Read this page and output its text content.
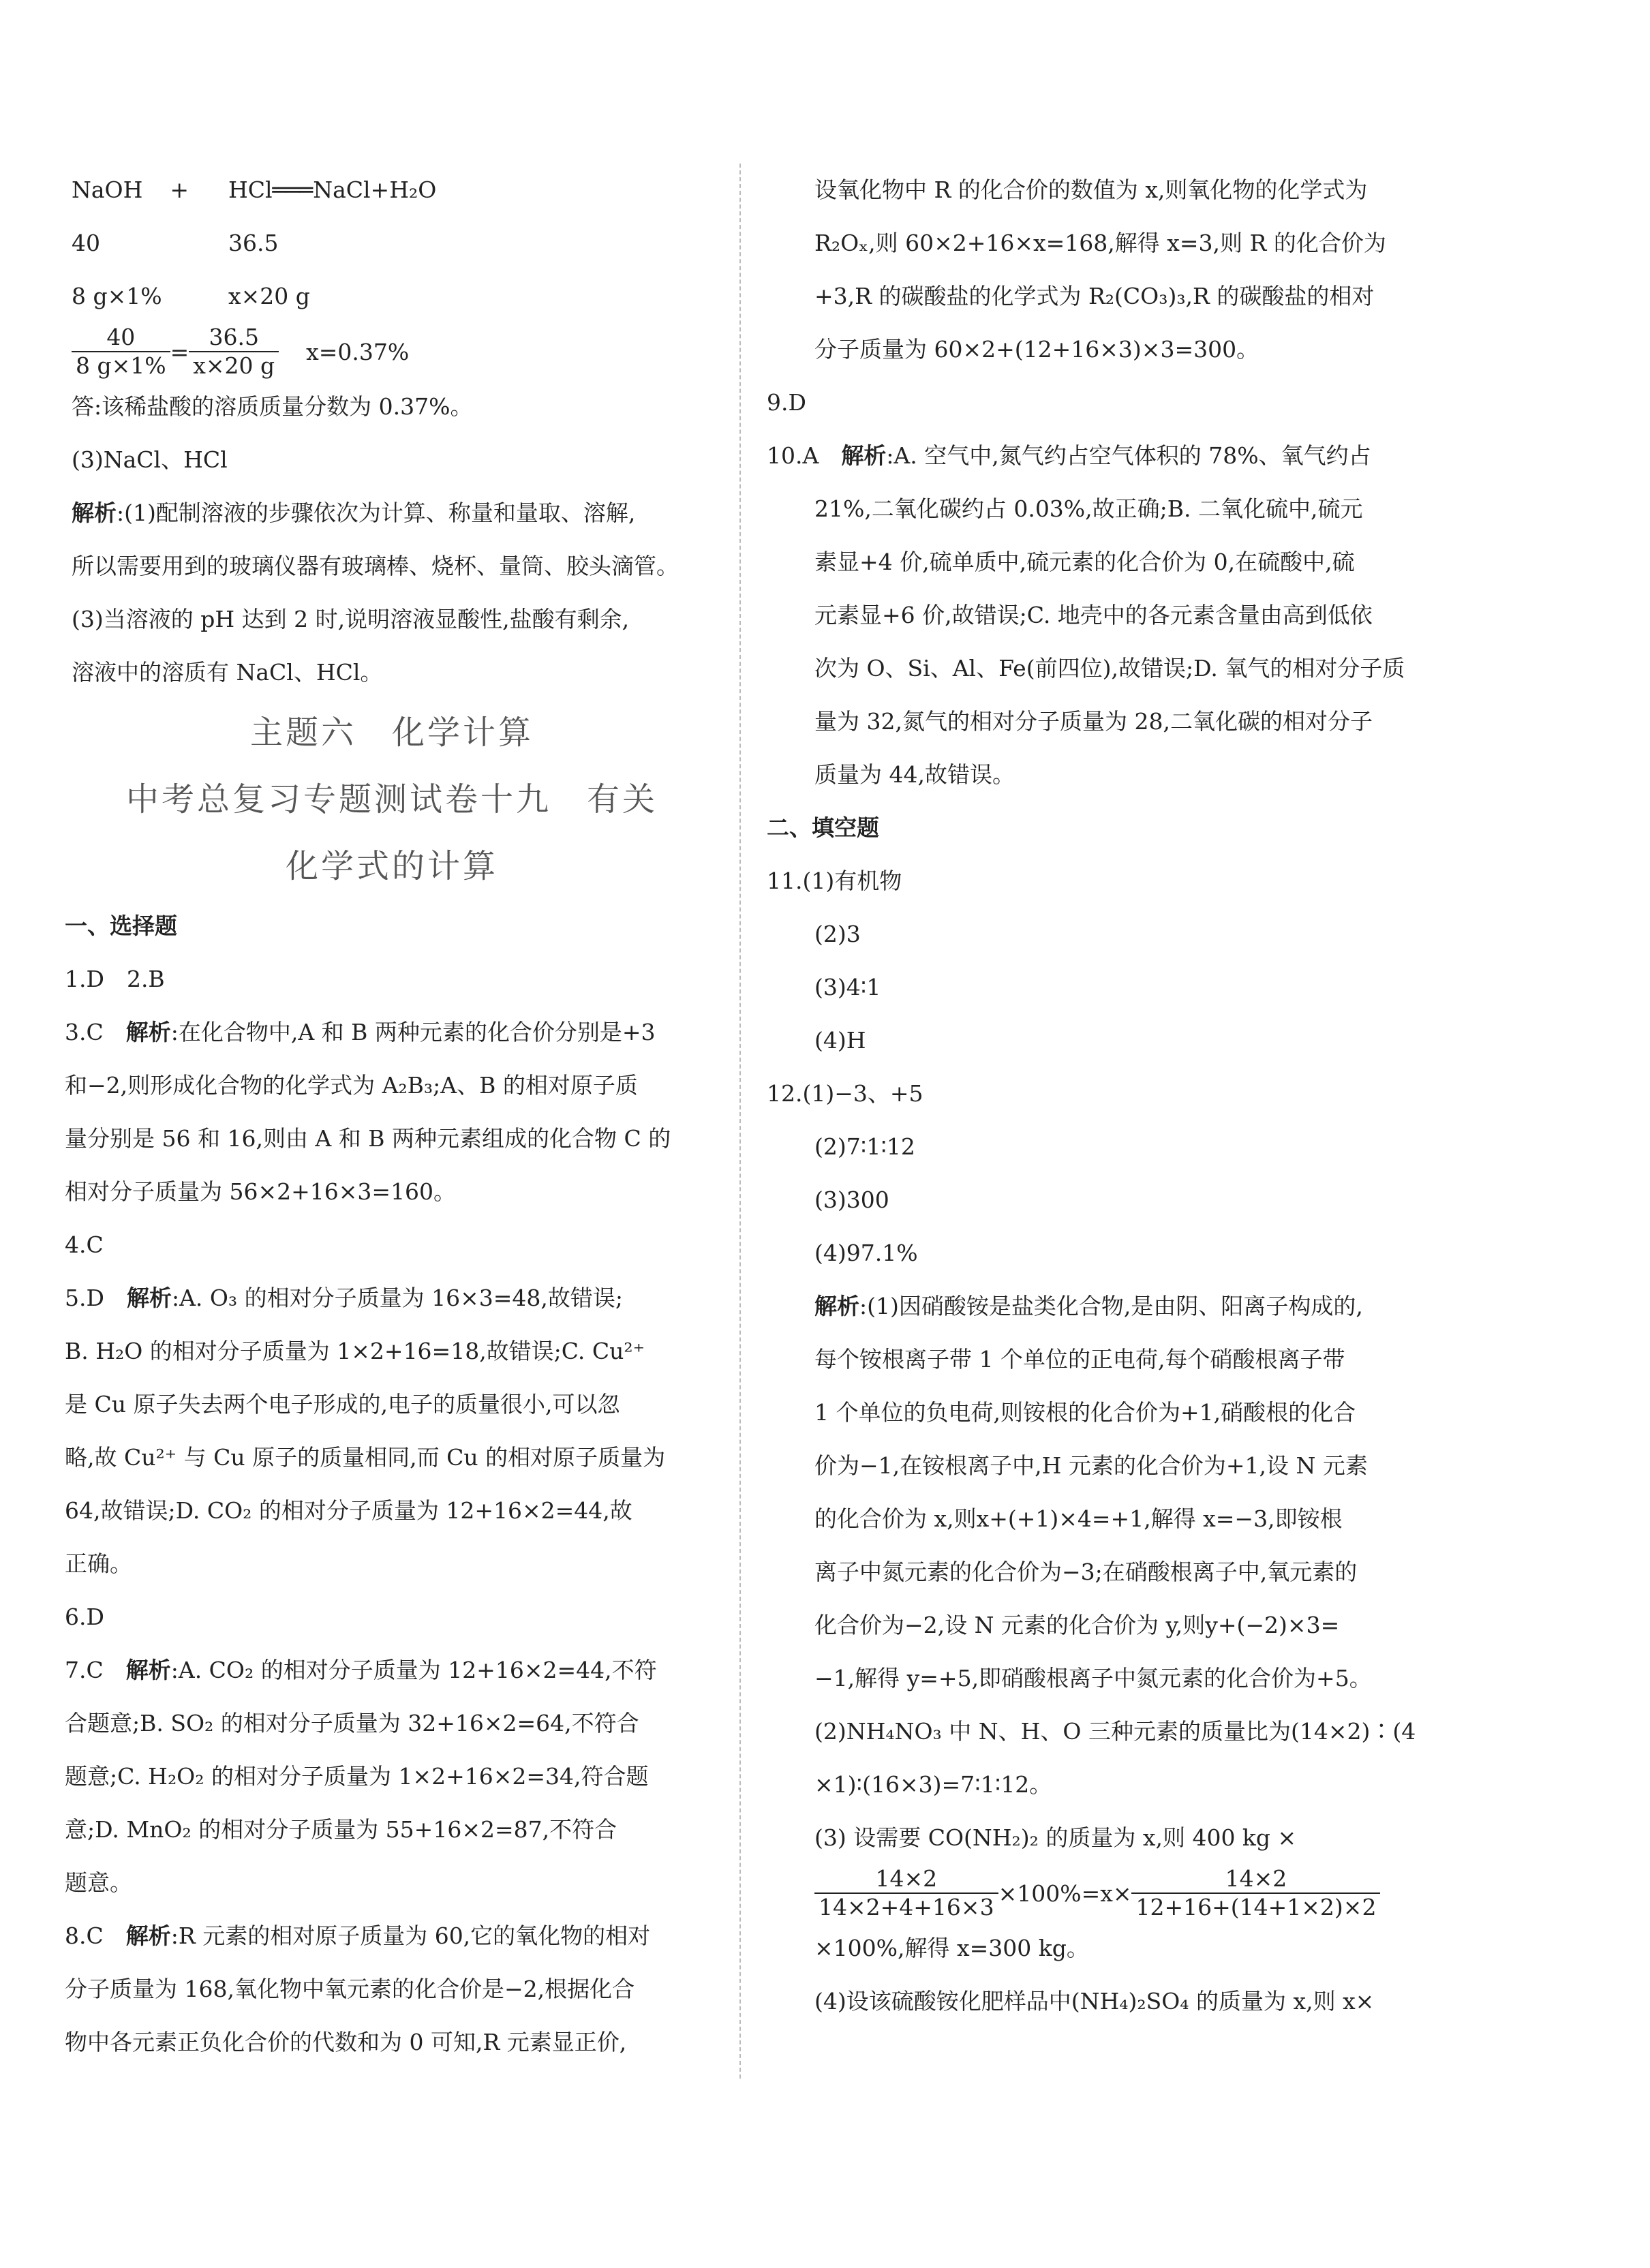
NaOH + HCl═══NaCl+H₂O
40	36.5
8 g×1%	x×20 g
$\frac{40}{8 g\times 1\%} = \frac{36.5}{x\times 20 g}$	x=0.37%
答:该稀盐酸的溶质质量分数为 0.37%。
(3)NaCl、HCl
解析:(1)配制溶液的步骤依次为计算、称量和量取、溶解,
所以需要用到的玻璃仪器有玻璃棒、烧杯、量筒、胶头滴管。
(3)当溶液的 pH 达到 2 时,说明溶液显酸性,盐酸有剩余,
溶液中的溶质有 NaCl、HCl。
主题六　化学计算
中考总复习专题测试卷十九　有关
化学式的计算
一、选择题
1.D　2.B
3.C　解析:在化合物中,A 和 B 两种元素的化合价分别是+3
和−2,则形成化合物的化学式为 A₂B₃;A、B 的相对原子质
量分别是 56 和 16,则由 A 和 B 两种元素组成的化合物 C 的
相对分子质量为 56×2+16×3=160。
4.C
5.D　解析:A. O₃ 的相对分子质量为 16×3=48,故错误;
B. H₂O 的相对分子质量为 1×2+16=18,故错误;C. Cu²⁺
是 Cu 原子失去两个电子形成的,电子的质量很小,可以忽
略,故 Cu²⁺ 与 Cu 原子的质量相同,而 Cu 的相对原子质量为
64,故错误;D. CO₂ 的相对分子质量为 12+16×2=44,故
正确。
6.D
7.C　解析:A. CO₂ 的相对分子质量为 12+16×2=44,不符
合题意;B. SO₂ 的相对分子质量为 32+16×2=64,不符合
题意;C. H₂O₂ 的相对分子质量为 1×2+16×2=34,符合题
意;D. MnO₂ 的相对分子质量为 55+16×2=87,不符合
题意。
8.C　解析:R 元素的相对原子质量为 60,它的氧化物的相对
分子质量为 168,氧化物中氧元素的化合价是−2,根据化合
物中各元素正负化合价的代数和为 0 可知,R 元素显正价,
设氧化物中 R 的化合价的数值为 x,则氧化物的化学式为
R₂Oₓ,则 60×2+16×x=168,解得 x=3,则 R 的化合价为
+3,R 的碳酸盐的化学式为 R₂(CO₃)₃,R 的碳酸盐的相对
分子质量为 60×2+(12+16×3)×3=300。
9.D
10.A　解析:A. 空气中,氮气约占空气体积的 78%、氧气约占
21%,二氧化碳约占 0.03%,故正确;B. 二氧化硫中,硫元
素显+4 价,硫单质中,硫元素的化合价为 0,在硫酸中,硫
元素显+6 价,故错误;C. 地壳中的各元素含量由高到低依
次为 O、Si、Al、Fe(前四位),故错误;D. 氧气的相对分子质
量为 32,氮气的相对分子质量为 28,二氧化碳的相对分子
质量为 44,故错误。
二、填空题
11.(1)有机物
(2)3
(3)4∶1
(4)H
12.(1)−3、+5
(2)7∶1∶12
(3)300
(4)97.1%
解析:(1)因硝酸铵是盐类化合物,是由阴、阳离子构成的,
每个铵根离子带 1 个单位的正电荷,每个硝酸根离子带
1 个单位的负电荷,则铵根的化合价为+1,硝酸根的化合
价为−1,在铵根离子中,H 元素的化合价为+1,设 N 元素
的化合价为 x,则x+(+1)×4=+1,解得 x=−3,即铵根
离子中氮元素的化合价为−3;在硝酸根离子中,氧元素的
化合价为−2,设 N 元素的化合价为 y,则y+(−2)×3=
−1,解得 y=+5,即硝酸根离子中氮元素的化合价为+5。
(2)NH₄NO₃ 中 N、H、O 三种元素的质量比为(14×2)∶(4
×1)∶(16×3)=7∶1∶12。
(3) 设需要 CO(NH₂)₂ 的质量为 x,则 400 kg ×
$\frac{14\times 2}{14\times 2+4+16\times 3} \times 100\%=x\times \frac{14\times 2}{12+16+(14+1\times 2)\times 2}$
×100%,解得 x=300 kg。
(4)设该硫酸铵化肥样品中(NH₄)₂SO₄ 的质量为 x,则 x×
